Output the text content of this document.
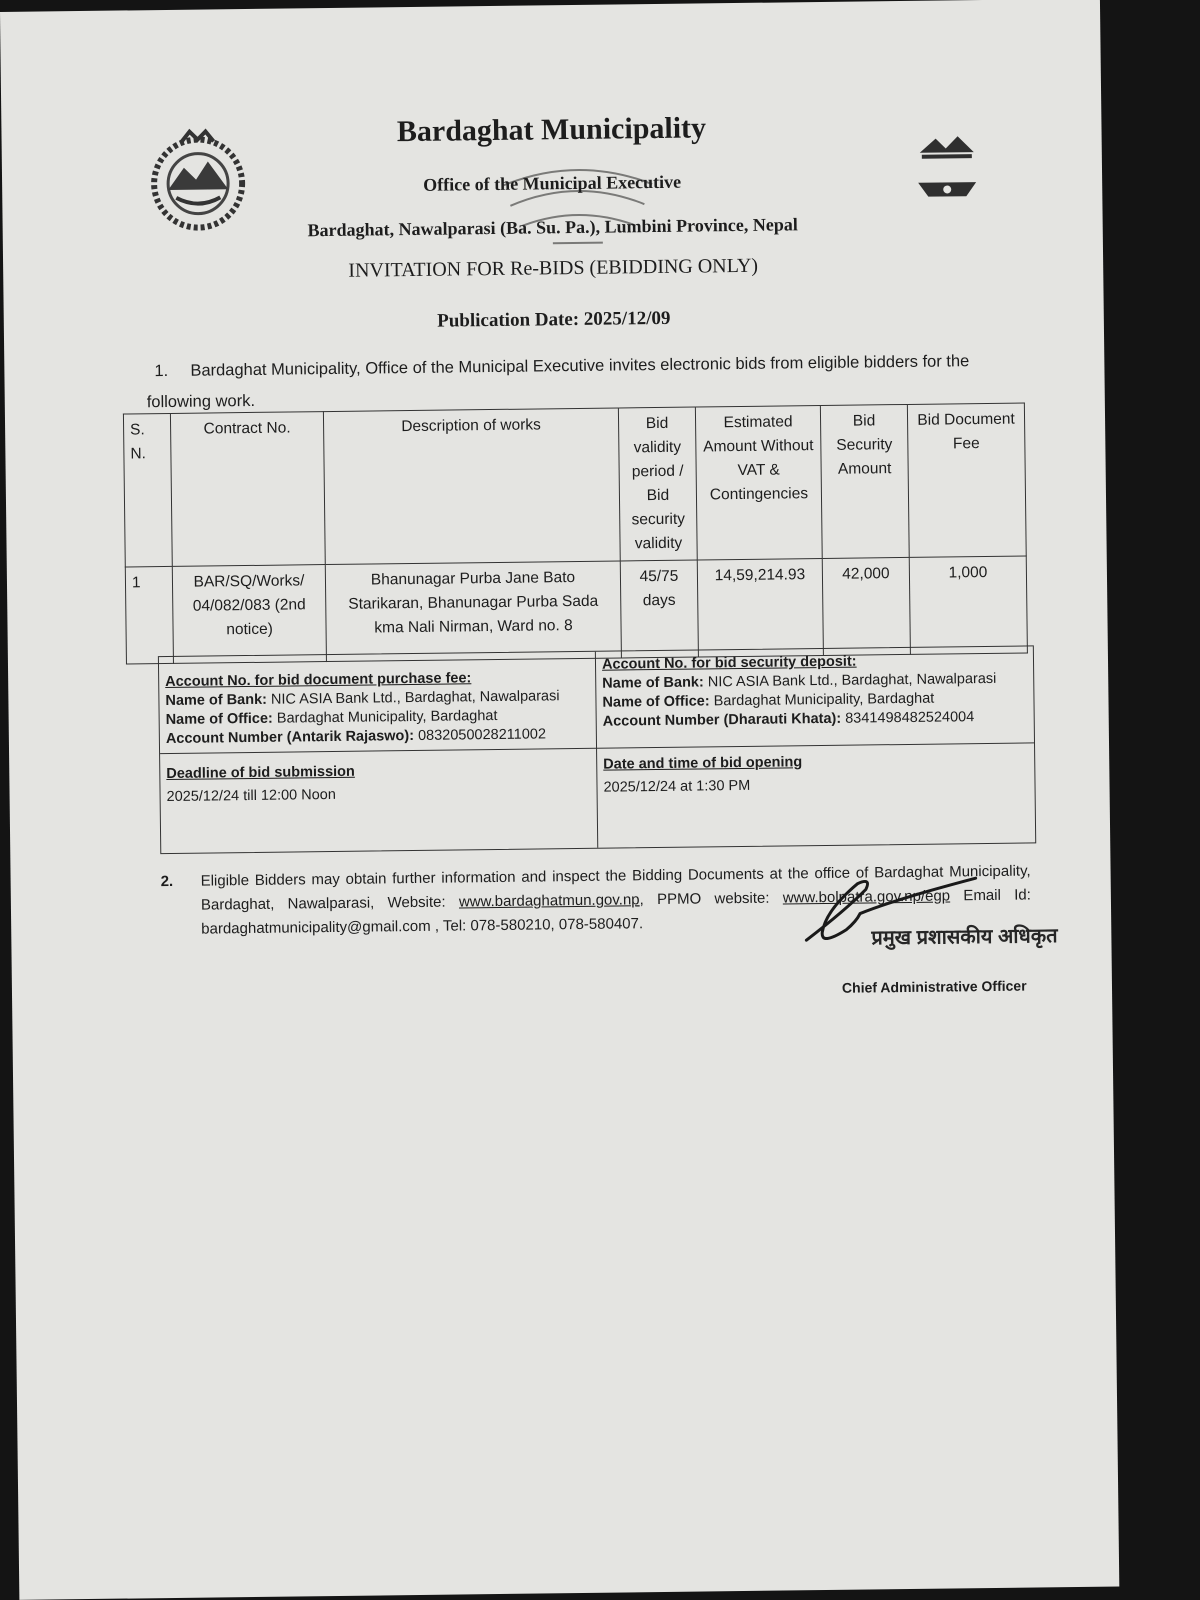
Bardaghat Municipality
Office of the Municipal Executive
Bardaghat, Nawalparasi (Ba. Su. Pa.), Lumbini Province, Nepal
INVITATION FOR Re-BIDS (EBIDDING ONLY)
Publication Date: 2025/12/09
1. Bardaghat Municipality, Office of the Municipal Executive invites electronic bids from eligible bidders for the following work.
S. N.	Contract No.	Description of works	Bid validity period / Bid security validity	Estimated Amount Without VAT & Contingencies	Bid Security Amount	Bid Document Fee
1	BAR/SQ/Works/ 04/082/083 (2nd notice)	Bhanunagar Purba Jane Bato Starikaran, Bhanunagar Purba Sada kma Nali Nirman, Ward no. 8	45/75 days	14,59,214.93	42,000	1,000
Account No. for bid document purchase fee:
Name of Bank: NIC ASIA Bank Ltd., Bardaghat, Nawalparasi
Name of Office: Bardaghat Municipality, Bardaghat
Account Number (Antarik Rajaswo): 0832050028211002
Account No. for bid security deposit:
Name of Bank: NIC ASIA Bank Ltd., Bardaghat, Nawalparasi
Name of Office: Bardaghat Municipality, Bardaghat
Account Number (Dharauti Khata): 8341498482524004
Deadline of bid submission
2025/12/24 till 12:00 Noon
Date and time of bid opening
2025/12/24 at 1:30 PM
2. Eligible Bidders may obtain further information and inspect the Bidding Documents at the office of Bardaghat Municipality, Bardaghat, Nawalparasi, Website: www.bardaghatmun.gov.np, PPMO website: www.bolpatra.gov.np/egp Email Id: bardaghatmunicipality@gmail.com , Tel: 078-580210, 078-580407.	प्रमुख प्रशासकीय अधिकृत
Chief Administrative Officer
